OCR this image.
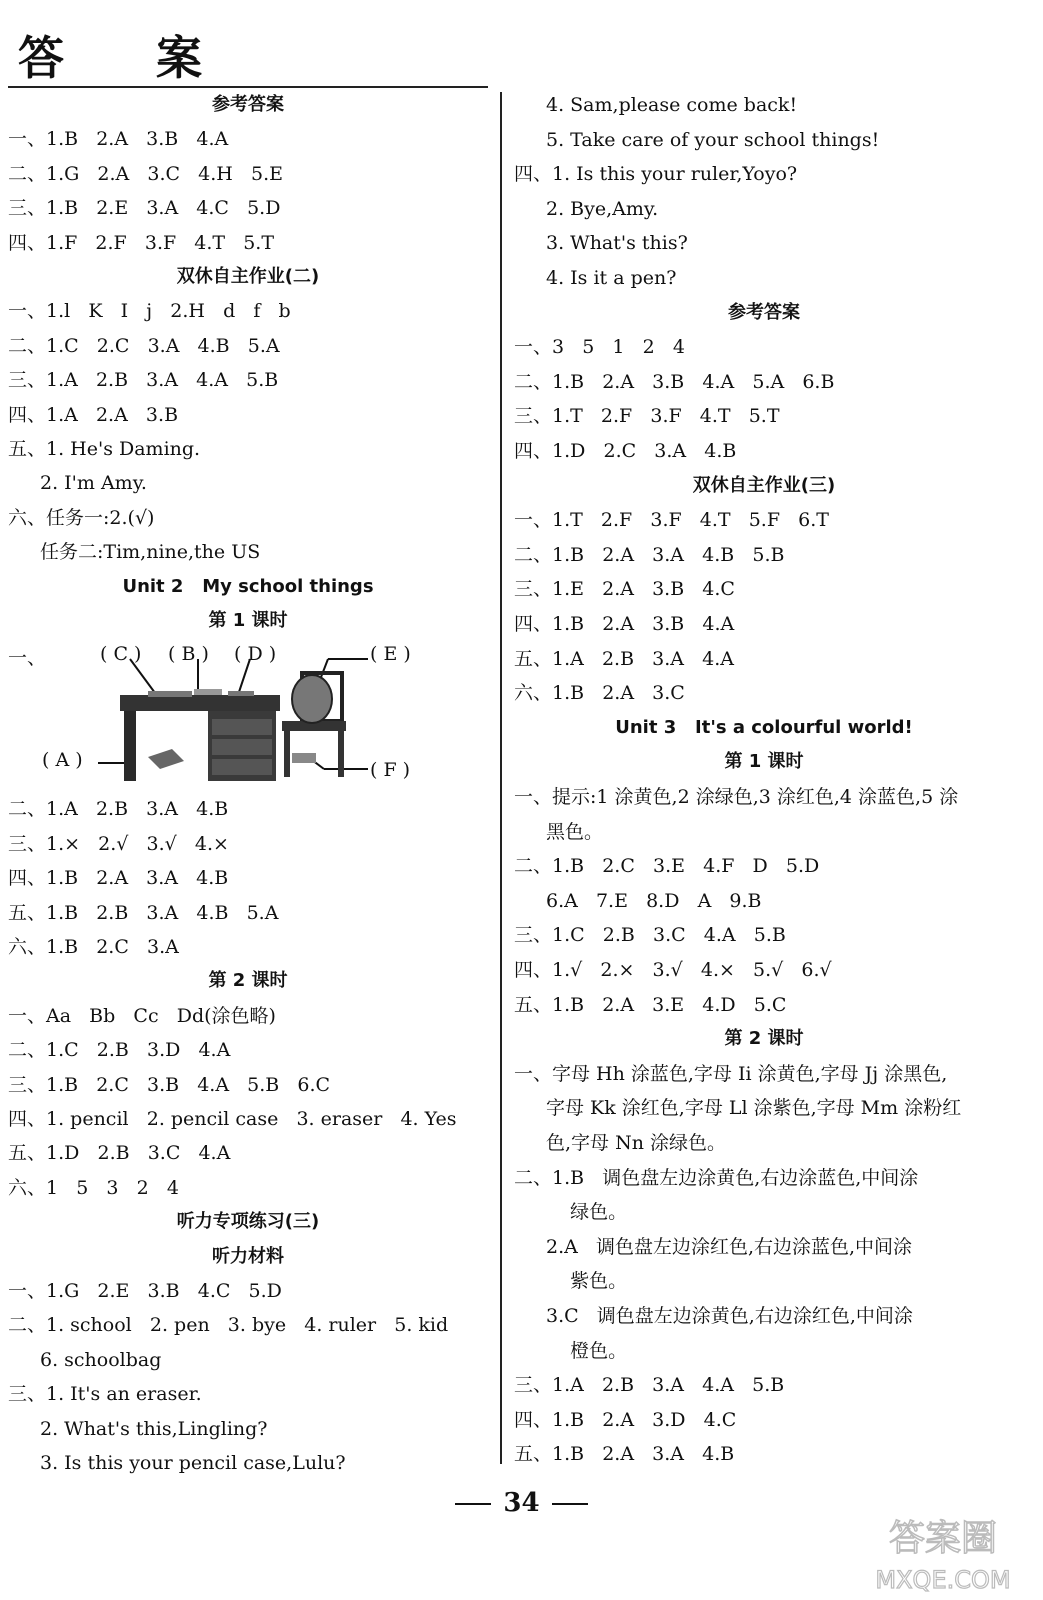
答 案
一、	( C ) ( B ) ( D )	( E )
( A )	( F )
参考答案
一、1.B   2.A   3.B   4.A
二、1.G   2.A   3.C   4.H   5.E
三、1.B   2.E   3.A   4.C   5.D
四、1.F   2.F   3.F   4.T   5.T
双休自主作业(二)
一、1.l   K   I   j   2.H   d   f   b
二、1.C   2.C   3.A   4.B   5.A
三、1.A   2.B   3.A   4.A   5.B
四、1.A   2.A   3.B
五、1. He's Daming.
2. I'm Amy.
六、任务一:2.(√)
任务二:Tim,nine,the US
Unit 2   My school things
第 1 课时
二、1.A   2.B   3.A   4.B
三、1.×   2.√   3.√   4.×
四、1.B   2.A   3.A   4.B
五、1.B   2.B   3.A   4.B   5.A
六、1.B   2.C   3.A
第 2 课时
一、Aa   Bb   Cc   Dd(涂色略)
二、1.C   2.B   3.D   4.A
三、1.B   2.C   3.B   4.A   5.B   6.C
四、1. pencil   2. pencil case   3. eraser   4. Yes
五、1.D   2.B   3.C   4.A
六、1   5   3   2   4
听力专项练习(三)
听力材料
一、1.G   2.E   3.B   4.C   5.D
二、1. school   2. pen   3. bye   4. ruler   5. kid
6. schoolbag
三、1. It's an eraser.
2. What's this,Lingling?
3. Is this your pencil case,Lulu?
4. Sam,please come back!
5. Take care of your school things!
四、1. Is this your ruler,Yoyo?
2. Bye,Amy.
3. What's this?
4. Is it a pen?
参考答案
一、3   5   1   2   4
二、1.B   2.A   3.B   4.A   5.A   6.B
三、1.T   2.F   3.F   4.T   5.T
四、1.D   2.C   3.A   4.B
双休自主作业(三)
一、1.T   2.F   3.F   4.T   5.F   6.T
二、1.B   2.A   3.A   4.B   5.B
三、1.E   2.A   3.B   4.C
四、1.B   2.A   3.B   4.A
五、1.A   2.B   3.A   4.A
六、1.B   2.A   3.C
Unit 3   It's a colourful world!
第 1 课时
一、提示:1 涂黄色,2 涂绿色,3 涂红色,4 涂蓝色,5 涂
黑色。
二、1.B   2.C   3.E   4.F   D   5.D
6.A   7.E   8.D   A   9.B
三、1.C   2.B   3.C   4.A   5.B
四、1.√   2.×   3.√   4.×   5.√   6.√
五、1.B   2.A   3.E   4.D   5.C
第 2 课时
一、字母 Hh 涂蓝色,字母 Ii 涂黄色,字母 Jj 涂黑色,
字母 Kk 涂红色,字母 Ll 涂紫色,字母 Mm 涂粉红
色,字母 Nn 涂绿色。
二、1.B   调色盘左边涂黄色,右边涂蓝色,中间涂
绿色。
2.A   调色盘左边涂红色,右边涂蓝色,中间涂
紫色。
3.C   调色盘左边涂黄色,右边涂红色,中间涂
橙色。
三、1.A   2.B   3.A   4.A   5.B
四、1.B   2.A   3.D   4.C
五、1.B   2.A   3.A   4.B
34
答案圈
MXQE.COM
